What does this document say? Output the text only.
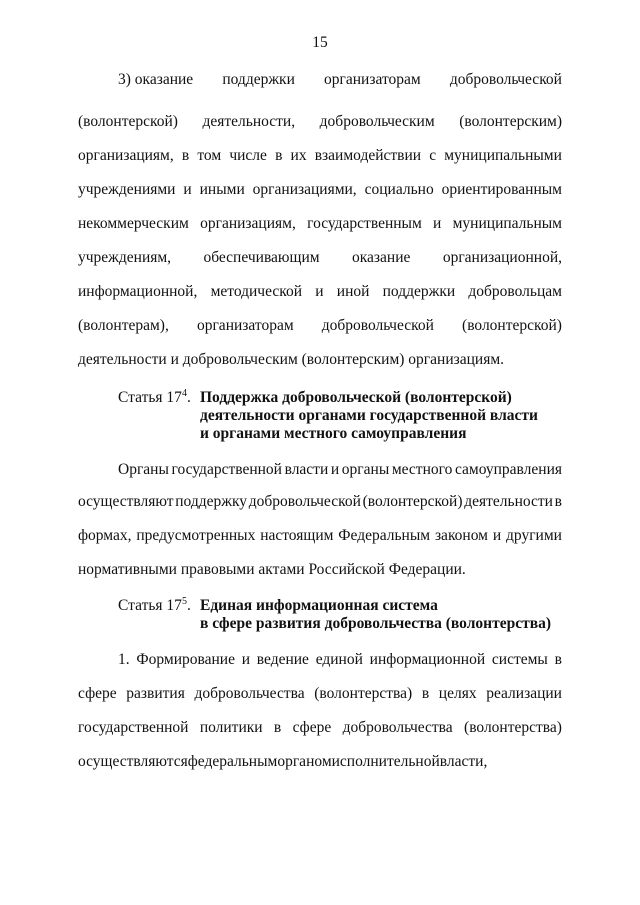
15
3) оказание поддержки организаторам добровольческой
(волонтерской) деятельности, добровольческим (волонтерским)
организациям, в том числе в их взаимодействии с муниципальными
учреждениями и иными организациями, социально ориентированным
некоммерческим организациям, государственным и муниципальным
учреждениям, обеспечивающим оказание организационной,
информационной, методической и иной поддержки добровольцам
(волонтерам), организаторам добровольческой (волонтерской)
деятельности и добровольческим (волонтерским) организациям.
Статья $17^4$. Поддержка добровольческой (волонтерской)
деятельности органами государственной власти
и органами местного самоуправления
Органы государственной власти и органы местного самоуправления
осуществляют поддержку добровольческой (волонтерской) деятельности в
формах, предусмотренных настоящим Федеральным законом и другими
нормативными правовыми актами Российской Федерации.
Статья $17^5$. Единая информационная система
в сфере развития добровольчества (волонтерства)
1. Формирование и ведение единой информационной системы в
сфере развития добровольчества (волонтерства) в целях реализации
государственной политики в сфере добровольчества (волонтерства)
осуществляются федеральным органом исполнительной власти,
